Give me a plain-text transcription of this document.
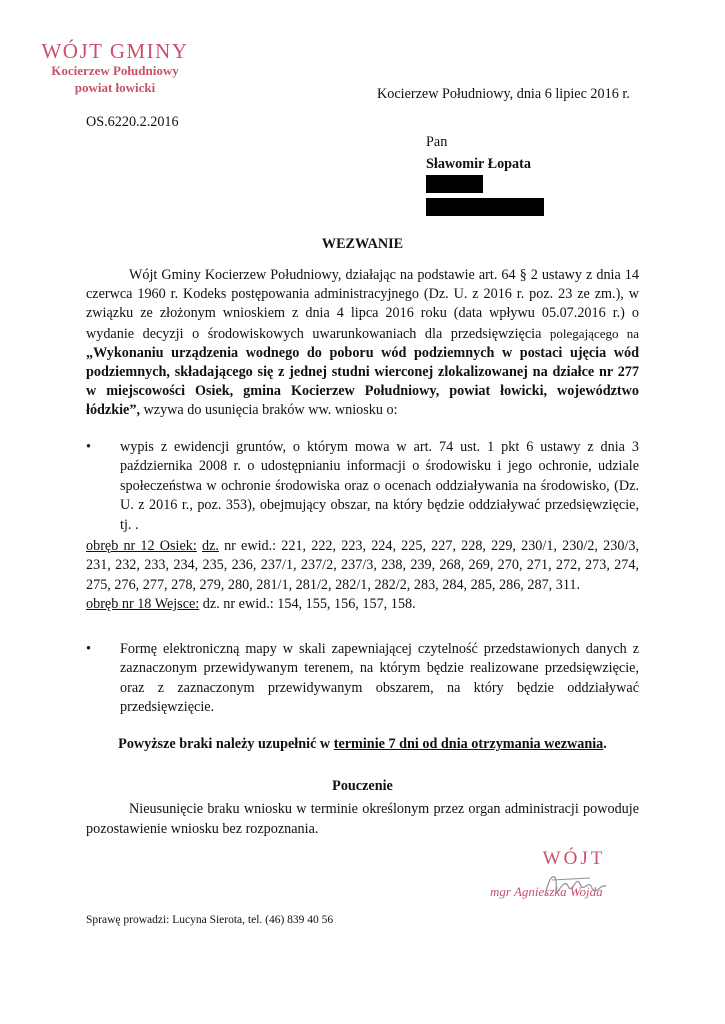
WÓJT GMINY
Kocierzew Południowy
powiat łowicki	Kocierzew Południowy, dnia 6 lipiec 2016 r.
OS.6220.2.2016
Pan
Sławomir Łopata
WEZWANIE
Wójt Gminy Kocierzew Południowy, działając na podstawie art. 64 § 2 ustawy z dnia 14 czerwca 1960 r. Kodeks postępowania administracyjnego (Dz. U. z 2016 r. poz. 23 ze zm.), w związku ze złożonym wnioskiem z dnia 4 lipca 2016 roku (data wpływu 05.07.2016 r.) o wydanie decyzji o środowiskowych uwarunkowaniach dla przedsięwzięcia polegającego na „Wykonaniu urządzenia wodnego do poboru wód podziemnych w postaci ujęcia wód podziemnych, składającego się z jednej studni wierconej zlokalizowanej na działce nr 277 w miejscowości Osiek, gmina Kocierzew Południowy, powiat łowicki, województwo łódzkie”, wzywa do usunięcia braków ww. wniosku o:
• wypis z ewidencji gruntów, o którym mowa w art. 74 ust. 1 pkt 6 ustawy z dnia 3 października 2008 r. o udostępnianiu informacji o środowisku i jego ochronie, udziale społeczeństwa w ochronie środowiska oraz o ocenach oddziaływania na środowisko, (Dz. U. z 2016 r., poz. 353), obejmujący obszar, na który będzie oddziaływać przedsięwzięcie, tj. .
obręb nr 12 Osiek: dz. nr ewid.: 221, 222, 223, 224, 225, 227, 228, 229, 230/1, 230/2, 230/3, 231, 232, 233, 234, 235, 236, 237/1, 237/2, 237/3, 238, 239, 268, 269, 270, 271, 272, 273, 274, 275, 276, 277, 278, 279, 280, 281/1, 281/2, 282/1, 282/2, 283, 284, 285, 286, 287, 311.
obręb nr 18 Wejsce: dz. nr ewid.: 154, 155, 156, 157, 158.
• Formę elektroniczną mapy w skali zapewniającej czytelność przedstawionych danych z zaznaczonym przewidywanym terenem, na którym będzie realizowane przedsięwzięcie, oraz z zaznaczonym przewidywanym obszarem, na który będzie oddziaływać przedsięwzięcie.
Powyższe braki należy uzupełnić w terminie 7 dni od dnia otrzymania wezwania.
Pouczenie
Nieusunięcie braku wniosku w terminie określonym przez organ administracji powoduje pozostawienie wniosku bez rozpoznania.
WÓJT
mgr Agnieszka Wojda
Sprawę prowadzi: Lucyna Sierota, tel. (46) 839 40 56
